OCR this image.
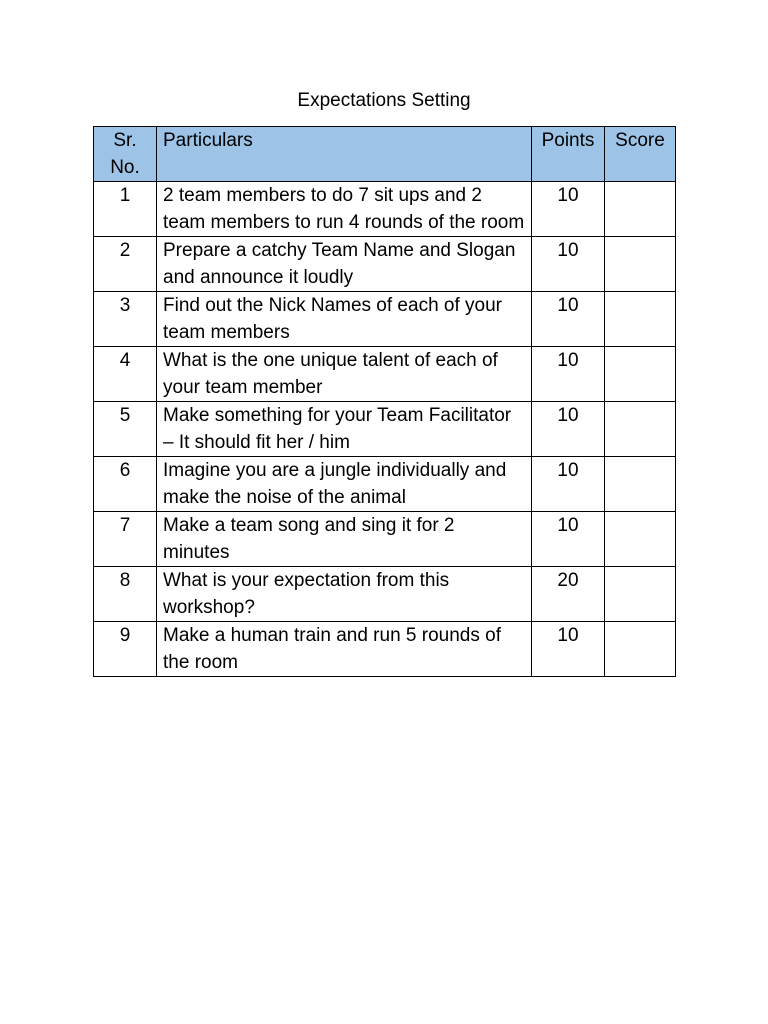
Expectations Setting
Sr. No.	Particulars	Points	Score
1	2 team members to do 7 sit ups and 2 team members to run 4 rounds of the room	10	
2	Prepare a catchy Team Name and Slogan and announce it loudly	10	
3	Find out the Nick Names of each of your team members	10	
4	What is the one unique talent of each of your team member	10	
5	Make something for your Team Facilitator – It should fit her / him	10	
6	Imagine you are a jungle individually and make the noise of the animal	10	
7	Make a team song and sing it for 2 minutes	10	
8	What is your expectation from this workshop?	20	
9	Make a human train and run 5 rounds of the room	10	
